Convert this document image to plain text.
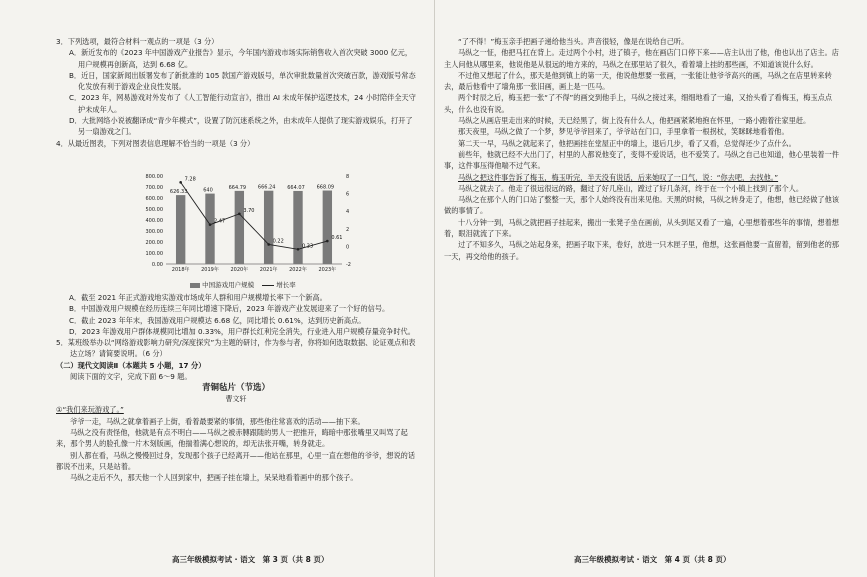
3．下列选项，最符合材料一观点的一项是（3 分）

A．新近发布的《2023 年中国游戏产业报告》显示，今年国内游戏市场实际销售收入首次突破 3000 亿元，用户规模再创新高，达到 6.68 亿。

B．近日，国家新闻出版署发布了新批准的 105 款国产游戏版号，单次审批数量首次突破百款，游戏版号常态化发放有利于游戏企业良性发展。

C．2023 年，网易游戏对外发布了《人工智能行动宣言》，推出 AI 未成年保护巡逻技术，24 小时陪伴全天守护未成年人。

D．大批网络小说被翻译成“青少年模式”，设置了防沉迷系统之外，由未成年人提供了现实游戏娱乐，打开了另一扇游戏之门。

4．从最近图表，下列对图表信息理解不恰当的一项是（3 分）

800.00
700.00
600.00
500.00
400.00
300.00
200.00
100.00
0.00
8
6
4
2
0
-2
626.33
2018年
640
2019年
664.79
2020年
666.24
2021年
664.07
2022年
668.09
2023年
7.28
2.47
3.70
0.22
0.33
0.61
中国游戏用户规模	增长率

A．截至 2021 年正式游戏地实游戏市场成年人群和用户规模增长率下一个新高。

B．中国游戏用户规模在经历连续三年同比增速下降后，2023 年游戏产业发展迎来了一个好的信号。

C．截止 2023 年年末，我国游戏用户规模达 6.68 亿，同比增长 0.61%，达到历史新高点。

D．2023 年游戏用户群体规模同比增加 0.33%，用户群长红利完全消失，行业进入用户规模存量竞争时代。

5．某班级举办以“网络游戏影响力研究/深度探究”为主题的研讨，作为参与者，你将如何选取数据、论证观点和表达立场？请简要说明。（6 分）

（二）现代文阅读Ⅱ（本题共 5 小题，17 分）

阅读下面的文字，完成下面 6～9 题。

青铜毡片（节选）

曹文轩

①“我们来玩游戏了。”

爷爷一走，马纵之就拿着画子上街，看着最要紧的事情，那些他往常喜欢的活动——抽下来。

马纵之没有责怪他，他就是有点不明白——马纵之被赤膊跟随的男人一把推开，晦暗中那张嘴里又叫骂了起来，那个男人的脸孔像一片木刻版画，他揣着满心想说的，却无法张开嘴，转身就走。

别人都在看，马纵之慢慢回过身，发现那个孩子已经离开——他站在那里，心里一直在想他的爷爷，想说的话都说不出来，只是站着。

马纵之走后不久，那天他一个人回到家中，把画子挂在墙上，呆呆地看着画中的那个孩子。

高三年级模拟考试 · 语文　第 3 页（共 8 页）

“了不得！”梅玉亲手把画子递给他当头。声音很轻，像是在说给自己听。

马纵之一怔，他把马扛在背上。走过两个小村，进了镇子，他在画店门口停下来——店主认出了他，他也认出了店主。店主人问他从哪里来，他说他是从很远的地方来的，马纵之在那里站了很久，看着墙上挂的那些画，不知道该说什么好。

不过他又想起了什么，那天是他到镇上的第一天，他说他想要一张画，一张能让他爷爷高兴的画，马纵之在店里转来转去，最后他看中了墙角那一张旧画，画上是一匹马。

两个时辰之后，梅玉把一张“了不得”的画交到他手上，马纵之接过来，细细地看了一遍，又抬头看了看梅玉，梅玉点点头，什么也没有说。

马纵之从画店里走出来的时候，天已经黑了，街上没有什么人，他把画紧紧地抱在怀里，一路小跑着往家里赶。

那天夜里，马纵之做了一个梦，梦见爷爷回来了，爷爷站在门口，手里拿着一根拐杖，笑眯眯地看着他。

第二天一早，马纵之就起来了，他把画挂在堂屋正中的墙上，退后几步，看了又看，总觉得还少了点什么。

前些年，他就已经不大出门了，村里的人都说他变了，变得不爱说话，也不爱笑了。马纵之自己也知道，他心里装着一件事，这件事压得他喘不过气来。

马纵之把这件事告诉了梅玉，梅玉听完，半天没有说话，后来她叹了一口气，说：“你去吧，去找他。”

马纵之就去了。他走了很远很远的路，翻过了好几座山，蹚过了好几条河，终于在一个小镇上找到了那个人。

马纵之在那个人的门口站了整整一天，那个人始终没有出来见他。天黑的时候，马纵之转身走了，他想，他已经做了他该做的事情了。

十八分钟一到，马纵之就把画子挂起来，搬出一张凳子坐在画前，从头到尾又看了一遍，心里想着那些年的事情，想着想着，眼泪就流了下来。

过了不知多久，马纵之站起身来，把画子取下来，卷好，放进一只木匣子里，他想，这张画他要一直留着，留到他老的那一天，再交给他的孩子。

高三年级模拟考试 · 语文　第 4 页（共 8 页）
